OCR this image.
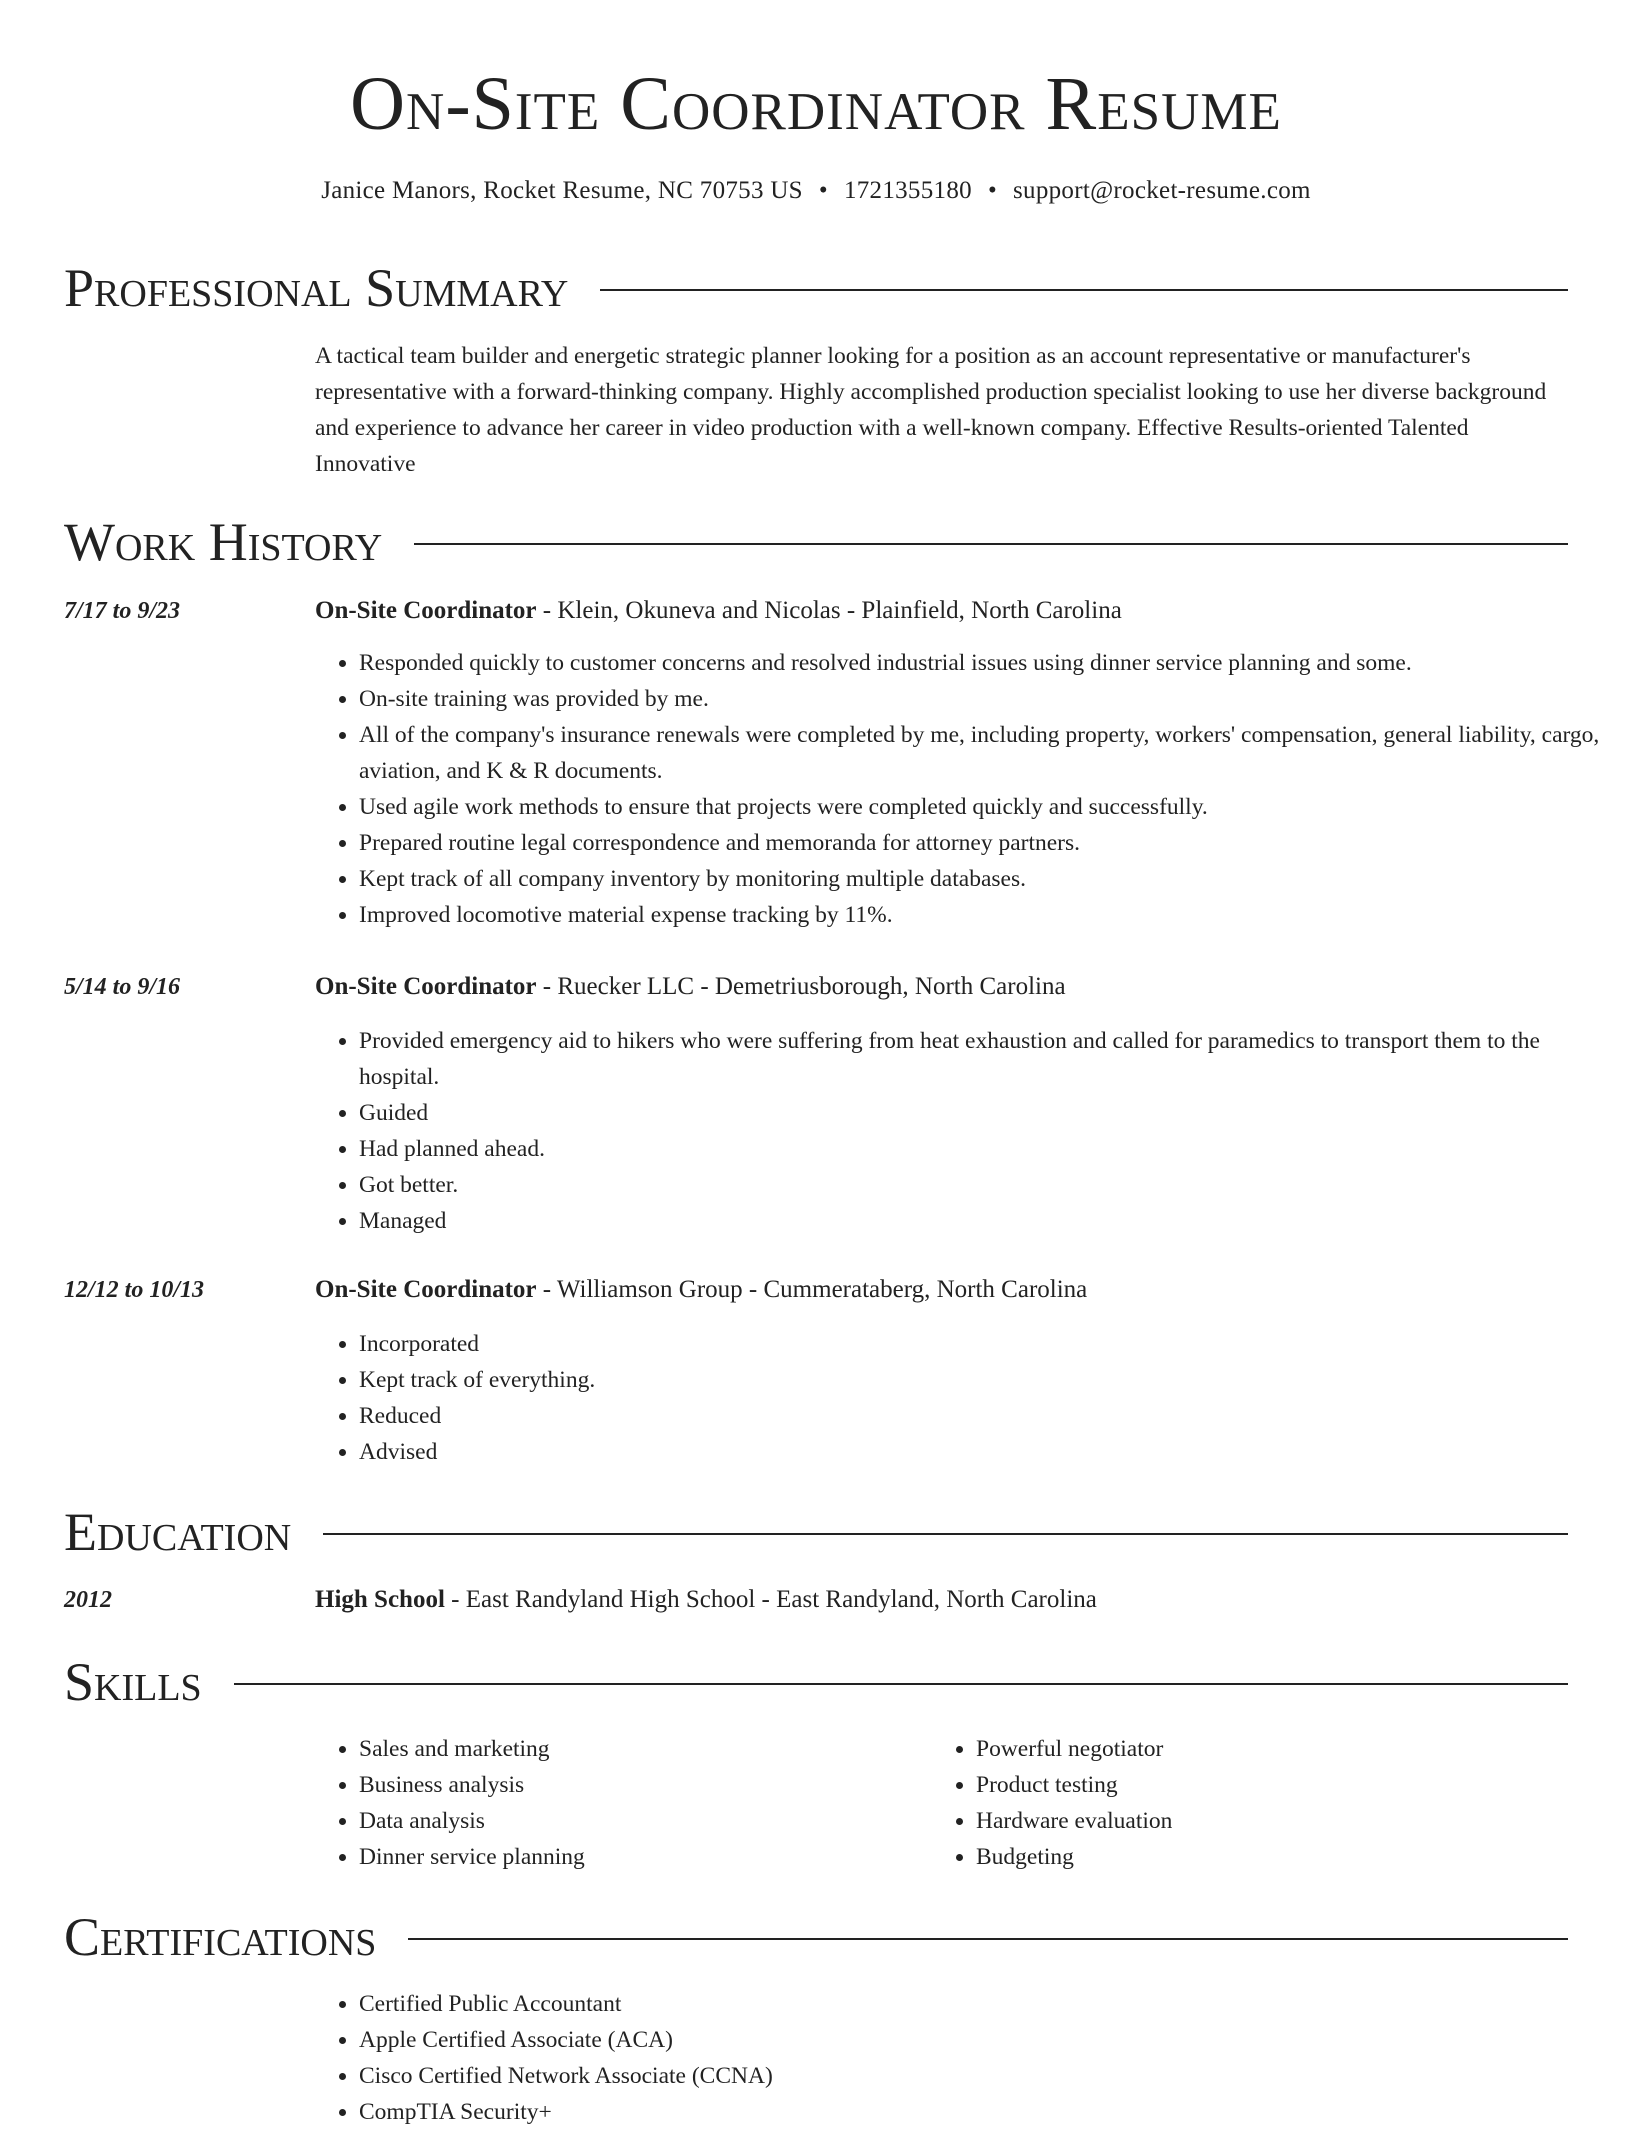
On-Site Coordinator Resume
Janice Manors, Rocket Resume, NC 70753 US • 1721355180 • support@rocket-resume.com
Professional Summary
A tactical team builder and energetic strategic planner looking for a position as an account representative or manufacturer's representative with a forward-thinking company. Highly accomplished production specialist looking to use her diverse background and experience to advance her career in video production with a well-known company. Effective Results-oriented Talented Innovative
Work History
7/17 to 9/23	On-Site Coordinator - Klein, Okuneva and Nicolas - Plainfield, North Carolina
• Responded quickly to customer concerns and resolved industrial issues using dinner service planning and some.
• On-site training was provided by me.
• All of the company's insurance renewals were completed by me, including property, workers' compensation, general liability, cargo, aviation, and K & R documents.
• Used agile work methods to ensure that projects were completed quickly and successfully.
• Prepared routine legal correspondence and memoranda for attorney partners.
• Kept track of all company inventory by monitoring multiple databases.
• Improved locomotive material expense tracking by 11%.
5/14 to 9/16	On-Site Coordinator - Ruecker LLC - Demetriusborough, North Carolina
• Provided emergency aid to hikers who were suffering from heat exhaustion and called for paramedics to transport them to the hospital.
• Guided
• Had planned ahead.
• Got better.
• Managed
12/12 to 10/13	On-Site Coordinator - Williamson Group - Cummerataberg, North Carolina
• Incorporated
• Kept track of everything.
• Reduced
• Advised
Education
2012	High School - East Randyland High School - East Randyland, North Carolina
Skills
• Sales and marketing
• Business analysis
• Data analysis
• Dinner service planning
• Powerful negotiator
• Product testing
• Hardware evaluation
• Budgeting
Certifications
• Certified Public Accountant
• Apple Certified Associate (ACA)
• Cisco Certified Network Associate (CCNA)
• CompTIA Security+
